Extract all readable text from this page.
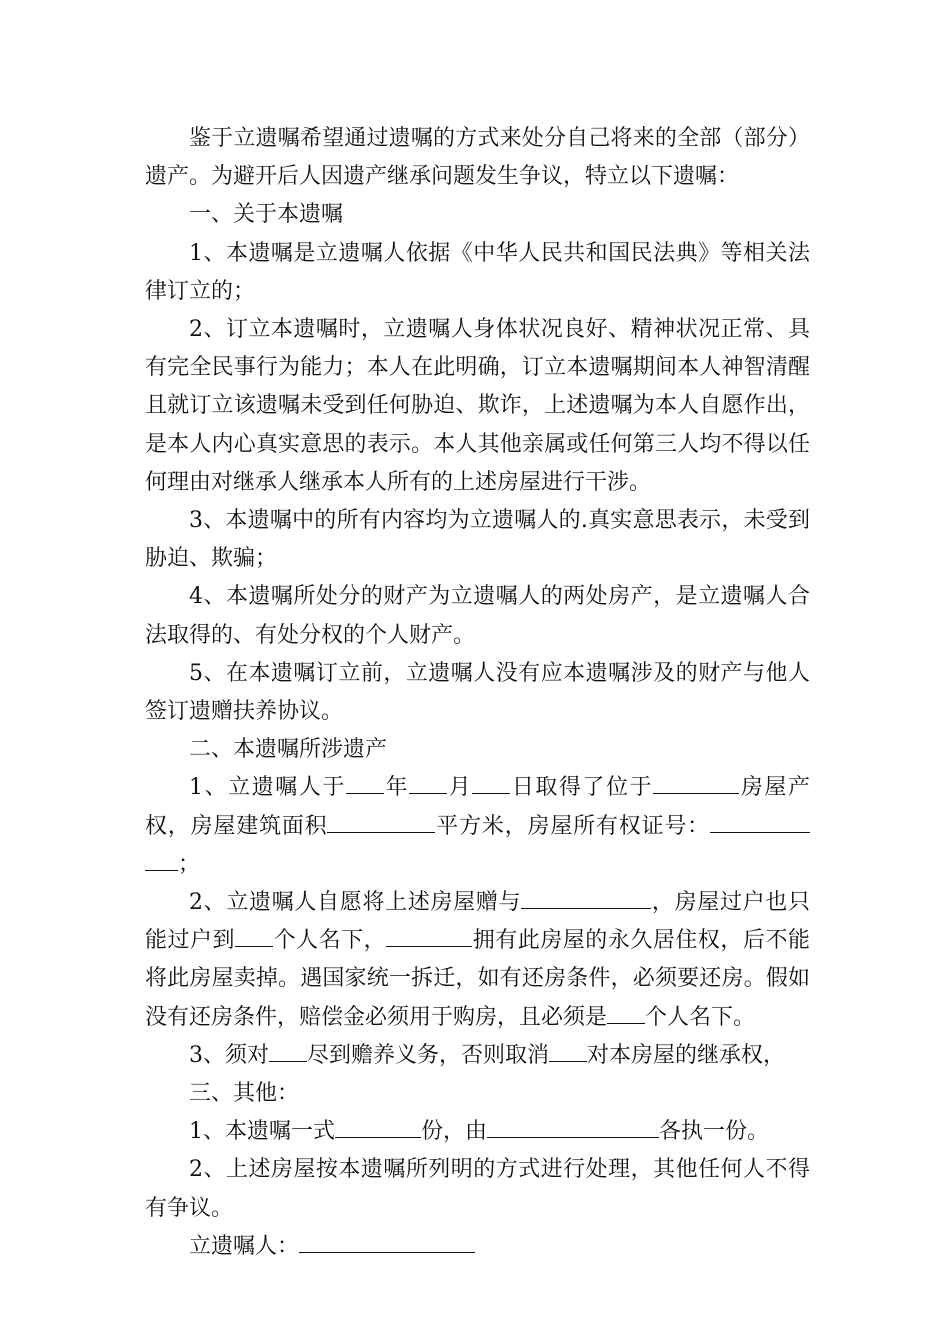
鉴于立遗嘱希望通过遗嘱的方式来处分自己将来的全部（部分）遗产。为避开后人因遗产继承问题发生争议，特立以下遗嘱：

一、关于本遗嘱

1、本遗嘱是立遗嘱人依据《中华人民共和国民法典》等相关法律订立的；

2、订立本遗嘱时，立遗嘱人身体状况良好、精神状况正常、具有完全民事行为能力；本人在此明确，订立本遗嘱期间本人神智清醒且就订立该遗嘱未受到任何胁迫、欺诈，上述遗嘱为本人自愿作出，是本人内心真实意思的表示。本人其他亲属或任何第三人均不得以任何理由对继承人继承本人所有的上述房屋进行干涉。

3、本遗嘱中的所有内容均为立遗嘱人的.真实意思表示，未受到胁迫、欺骗；

4、本遗嘱所处分的财产为立遗嘱人的两处房产，是立遗嘱人合法取得的、有处分权的个人财产。

5、在本遗嘱订立前，立遗嘱人没有应本遗嘱涉及的财产与他人签订遗赠扶养协议。

二、本遗嘱所涉遗产

1、立遗嘱人于 年 月 日取得了位于	房屋产权，房屋建筑面积	平方米，房屋所有权证号：；

2、立遗嘱人自愿将上述房屋赠与	，房屋过户也只能过户到 个人名下，	拥有此房屋的永久居住权，后不能将此房屋卖掉。遇国家统一拆迁，如有还房条件，必须要还房。假如没有还房条件，赔偿金必须用于购房，且必须是 个人名下。

3、须对 尽到赡养义务，否则取消 对本房屋的继承权，

三、其他：

1、本遗嘱一式	份，由	各执一份。

2、上述房屋按本遗嘱所列明的方式进行处理，其他任何人不得有争议。

立遗嘱人：
